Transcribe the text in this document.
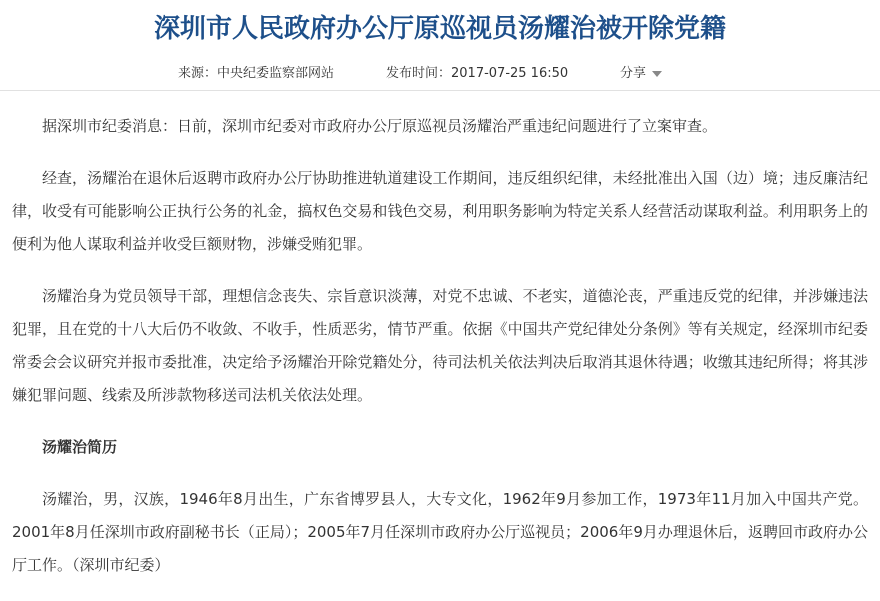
深圳市人民政府办公厅原巡视员汤耀治被开除党籍
来源：中央纪委监察部网站	发布时间：2017-07-25 16:50	分享

据深圳市纪委消息：日前，深圳市纪委对市政府办公厅原巡视员汤耀治严重违纪问题进行了立案审查。

经查，汤耀治在退休后返聘市政府办公厅协助推进轨道建设工作期间，违反组织纪律，未经批准出入国（边）境；违反廉洁纪律，收受有可能影响公正执行公务的礼金，搞权色交易和钱色交易，利用职务影响为特定关系人经营活动谋取利益。利用职务上的便利为他人谋取利益并收受巨额财物，涉嫌受贿犯罪。

汤耀治身为党员领导干部，理想信念丧失、宗旨意识淡薄，对党不忠诚、不老实，道德沦丧，严重违反党的纪律，并涉嫌违法犯罪，且在党的十八大后仍不收敛、不收手，性质恶劣，情节严重。依据《中国共产党纪律处分条例》等有关规定，经深圳市纪委常委会会议研究并报市委批准，决定给予汤耀治开除党籍处分，待司法机关依法判决后取消其退休待遇；收缴其违纪所得；将其涉嫌犯罪问题、线索及所涉款物移送司法机关依法处理。

汤耀治简历

汤耀治，男，汉族，1946年8月出生，广东省博罗县人，大专文化，1962年9月参加工作，1973年11月加入中国共产党。2001年8月任深圳市政府副秘书长（正局）；2005年7月任深圳市政府办公厅巡视员；2006年9月办理退休后，返聘回市政府办公厅工作。（深圳市纪委）
